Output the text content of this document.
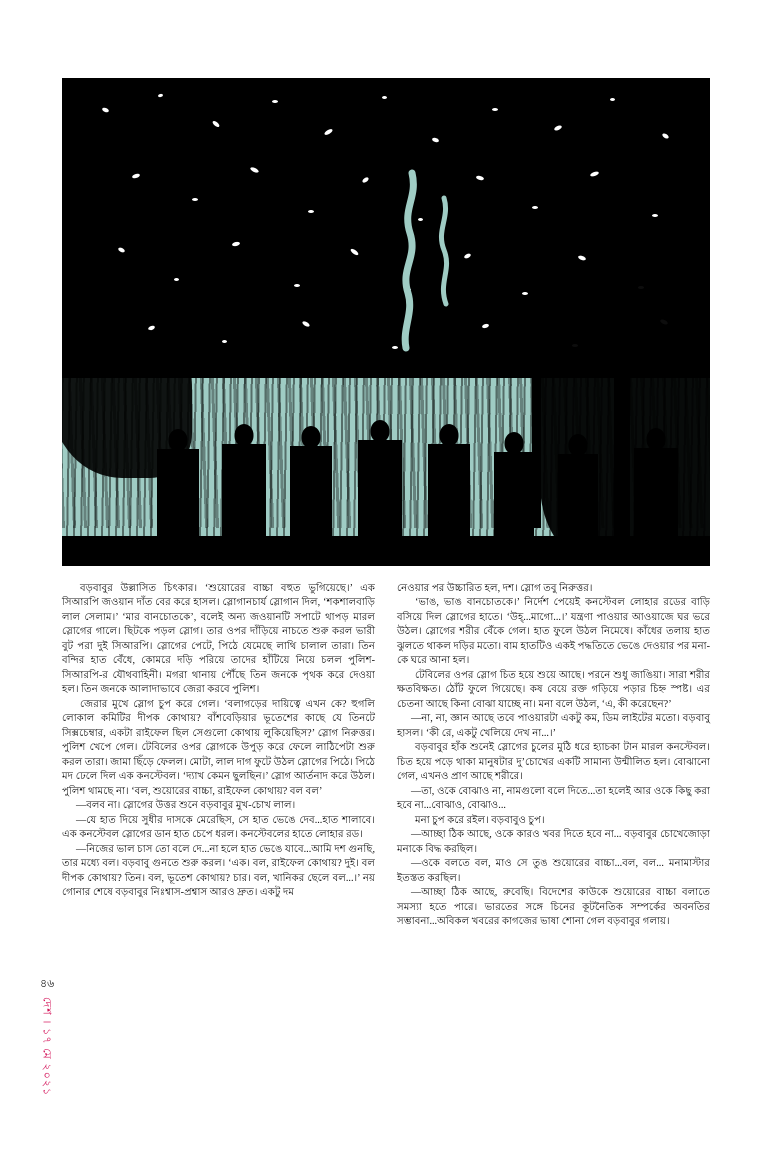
বড়বাবুর উল্লাসিত চিৎকার। ‘শুয়োরের বাচ্চা বহুত ভুগিয়েছে।’ এক সিআরপি জওয়ান দাঁত বের করে হাসল। স্লোগানচার্য স্লোগান দিল, ‘শকশালবাড়ি লাল সেলাম।’ ‘মার বানচোতকে’, বলেই অন্য জওয়ানটি সপাটে থাপড় মারল স্লোগের গালে। ছিটকে পড়ল স্লোগ। তার ওপর দাঁড়িয়ে নাচতে শুরু করল ভারী বুট পরা দুই সিআরপি। স্লোগের পেটে, পিঠে যেমেছে লাথি চালাল তারা। তিন বন্দির হাত বেঁধে, কোমরে দড়ি পরিয়ে তাদের হাঁটিয়ে নিয়ে চলল পুলিশ-সিআরপি-র যৌথবাহিনী। মগরা থানায় পৌঁছে তিন জনকে পৃথক করে দেওয়া হল। তিন জনকে আলাদাভাবে জেরা করবে পুলিশ।

জেরার মুখে স্লোগ চুপ করে গেল। ‘বলাগড়ের দায়িত্বে এখন কে? হুগলি লোকাল কমিটির দীপক কোথায়? বাঁশবেড়িয়ার ভূতেশের কাছে যে তিনটে সিক্সচেম্বার, একটা রাইফেল ছিল সেগুলো কোথায় লুকিয়েছিস?’ স্লোগ নিরুত্তর। পুলিশ খেপে গেল। টেবিলের ওপর স্লোগকে উপুড় করে ফেলে লাঠিপেটা শুরু করল তারা। জামা ছিঁড়ে ফেলল। মোটা, লাল দাগ ফুটে উঠল স্লোগের পিঠে। পিঠে মদ ঢেলে দিল এক কনস্টেবল। ‘দ্যাখ কেমন ছুলছিন।’ স্লোগ আর্তনাদ করে উঠল। পুলিশ থামছে না। ‘বল, শুয়োরের বাচ্চা, রাইফেল কোথায়? বল বল’

—বলব না। স্লোগের উত্তর শুনে বড়বাবুর মুখ-চোখ লাল।

—যে হাত দিয়ে সুধীর দাসকে মেরেছিস, সে হাত ভেঙে দেব...হাত শালাবে। এক কনস্টেবল স্লোগের ডান হাত চেপে ধরল। কনস্টেবলের হাতে লোহার রড।

—নিজের ভাল চাস তো বলে দে...না হলে হাত ভেঙে যাবে...আমি দশ গুনছি, তার মধ্যে বল। বড়বাবু গুনতে শুরু করল। ‘এক। বল, রাইফেল কোথায়? দুই। বল দীপক কোথায়? তিন। বল, ভূতেশ কোথায়? চার। বল, খানিকর ছেলে বল...।’ নয় গোনার শেষে বড়বাবুর নিঃশ্বাস-প্রশ্বাস আরও দ্রুত। একটু দম

নেওয়ার পর উচ্চারিত হল, দশ। স্লোগ তবু নিরুত্তর।

‘ভাঙ, ভাঙ বানচোতকে।’ নির্দেশ পেয়েই কনস্টেবল লোহার রডের বাড়ি বসিয়ে দিল স্লোগের হাতে। ‘উহ্...মাগো...।’ যন্ত্রণা পাওয়ার আওয়াজে ঘর ভরে উঠল। স্লোগের শরীর বেঁকে গেল। হাত ফুলে উঠল নিমেষে। কাঁধের তলায় হাত ঝুলতে থাকল দড়ির মতো। বাম হাতটিও একই পদ্ধতিতে ভেঙে দেওয়ার পর মনা-কে ঘরে আনা হল।

টেবিলের ওপর স্লোগ চিত হয়ে শুয়ে আছে। পরনে শুধু জাঙিয়া। সারা শরীর ক্ষতবিক্ষত। ঠোঁট ফুলে গিয়েছে। কষ বেয়ে রক্ত গড়িয়ে পড়ার চিহ্ন স্পষ্ট। এর চেতনা আছে কিনা বোঝা যাচ্ছে না। মনা বলে উঠল, ‘এ, কী করেছেন?’

—না, না, জ্ঞান আছে তবে পাওয়ারটা একটু কম, ডিম লাইটের মতো। বড়বাবু হাসল। ‘কী রে, একটু খেলিয়ে দেখ না...।’

বড়বাবুর হাঁক শুনেই স্লোগের চুলের মুঠি ধরে হ্যাচকা টান মারল কনস্টেবল। চিত হয়ে পড়ে থাকা মানুষটার দু’চোখের একটি সামান্য উন্মীলিত হল। বোঝানো গেল, এখনও প্রাণ আছে শরীরে।

—তা, ওকে বোঝাও না, নামগুলো বলে দিতে...তা হলেই আর ওকে কিছু করা হবে না...বোঝাও, বোঝাও...

মনা চুপ করে রইল। বড়বাবুও চুপ।

—আচ্ছা ঠিক আছে, ওকে কারও খবর দিতে হবে না... বড়বাবুর চোখেজোড়া মনাকে বিদ্ধ করছিল।

—ওকে বলতে বল, মাও সে তুঙ শুয়োরের বাচ্চা...বল, বল... মনামাস্টার ইতস্তত করছিল।

—আচ্ছা ঠিক আছে, রুবেছি। বিদেশের কাউকে শুয়োরের বাচ্চা বলাতে সমস্যা হতে পারে। ভারতের সঙ্গে চিনের কূটনৈতিক সম্পর্কের অবনতির সম্ভাবনা...অবিকল খবরের কাগজের ভাষা শোনা গেল বড়বাবুর গলায়।

৪৬
দেশ । ১৭ মে ২০২১
